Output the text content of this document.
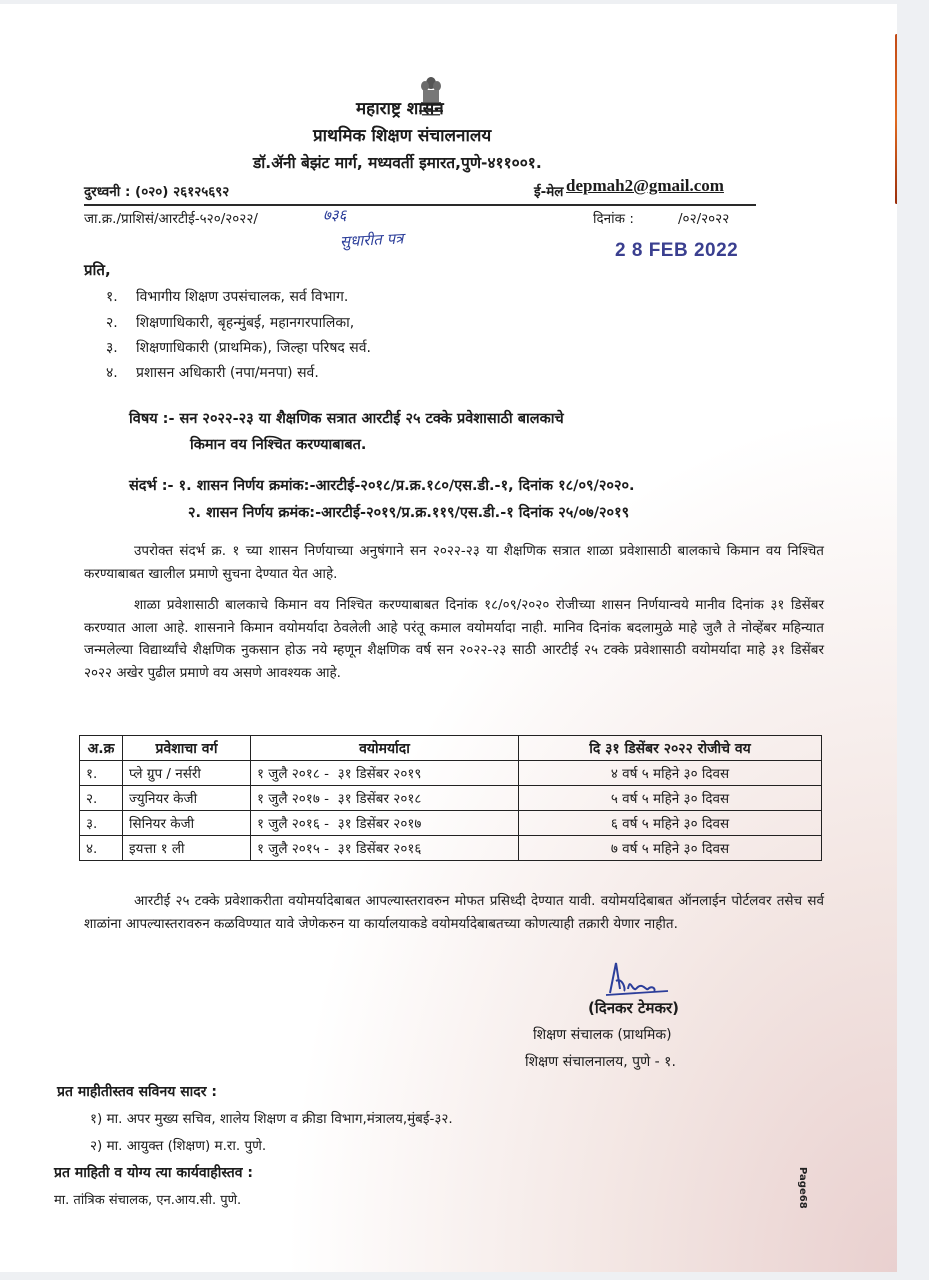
महाराष्ट्र शासन
प्राथमिक शिक्षण संचालनालय
डॉ.ॲनी बेझंट मार्ग, मध्यवर्ती इमारत,पुणे-४११००१.
दुरध्वनी : (०२०) २६१२५६९२	ई-मेल depmah2@gmail.com
जा.क्र./प्राशिसं/आरटीई-५२०/२०२२/	७३६
सुधारीत पत्र
दिनांक :	/०२/२०२२
2 8 FEB 2022
प्रति,
१. विभागीय शिक्षण उपसंचालक, सर्व विभाग.
२. शिक्षणाधिकारी, बृहन्मुंबई, महानगरपालिका,
३. शिक्षणाधिकारी (प्राथमिक), जिल्हा परिषद सर्व.
४. प्रशासन अधिकारी (नपा/मनपा) सर्व.
विषय :- सन २०२२-२३ या शैक्षणिक सत्रात आरटीई २५ टक्के प्रवेशासाठी बालकाचे
किमान वय निश्चित करण्याबाबत.
संदर्भ :- १. शासन निर्णय क्रमांक:-आरटीई-२०१८/प्र.क्र.१८०/एस.डी.-१, दिनांक १८/०९/२०२०.
२. शासन निर्णय क्रमंक:-आरटीई-२०१९/प्र.क्र.११९/एस.डी.-१ दिनांक २५/०७/२०१९
उपरोक्त संदर्भ क्र. १ च्या शासन निर्णयाच्या अनुषंगाने सन २०२२-२३ या शैक्षणिक सत्रात शाळा प्रवेशासाठी बालकाचे किमान वय निश्चित करण्याबाबत खालील प्रमाणे सुचना देण्यात येत आहे.
शाळा प्रवेशासाठी बालकाचे किमान वय निश्चित करण्याबाबत दिनांक १८/०९/२०२० रोजीच्या शासन निर्णयान्वये मानीव दिनांक ३१ डिसेंबर करण्यात आला आहे. शासनाने किमान वयोमर्यादा ठेवलेली आहे परंतू कमाल वयोमर्यादा नाही. मानिव दिनांक बदलामुळे माहे जुलै ते नोव्हेंबर महिन्यात जन्मलेल्या विद्यार्थ्यांचे शैक्षणिक नुकसान होऊ नये म्हणून शैक्षणिक वर्ष सन २०२२-२३ साठी आरटीई २५ टक्के प्रवेशासाठी वयोमर्यादा माहे ३१ डिसेंबर २०२२ अखेर पुढील प्रमाणे वय असणे आवश्यक आहे.
अ.क्र	प्रवेशाचा वर्ग	वयोमर्यादा	दि ३१ डिसेंबर २०२२ रोजीचे वय
१.	प्ले ग्रुप / नर्सरी	१ जुलै २०१८ - ३१ डिसेंबर २०१९	४ वर्ष ५ महिने ३० दिवस
२.	ज्युनियर केजी	१ जुलै २०१७ - ३१ डिसेंबर २०१८	५ वर्ष ५ महिने ३० दिवस
३.	सिनियर केजी	१ जुलै २०१६ - ३१ डिसेंबर २०१७	६ वर्ष ५ महिने ३० दिवस
४.	इयत्ता १ ली	१ जुलै २०१५ - ३१ डिसेंबर २०१६	७ वर्ष ५ महिने ३० दिवस
आरटीई २५ टक्के प्रवेशाकरीता वयोमर्यादेबाबत आपल्यास्तरावरुन मोफत प्रसिध्दी देण्यात यावी. वयोमर्यादेबाबत ऑनलाईन पोर्टलवर तसेच सर्व शाळांना आपल्यास्तरावरुन कळविण्यात यावे जेणेकरुन या कार्यालयाकडे वयोमर्यादेबाबतच्या कोणत्याही तक्रारी येणार नाहीत.
(दिनकर टेमकर)
शिक्षण संचालक (प्राथमिक)
शिक्षण संचालनालय, पुणे - १.
प्रत माहीतीस्तव सविनय सादर :
१) मा. अपर मुख्य सचिव, शालेय शिक्षण व क्रीडा विभाग,मंत्रालय,मुंबई-३२.
२) मा. आयुक्त (शिक्षण) म.रा. पुणे.
प्रत माहिती व योग्य त्या कार्यवाहीस्तव :
मा. तांत्रिक संचालक, एन.आय.सी. पुणे.	Page68
